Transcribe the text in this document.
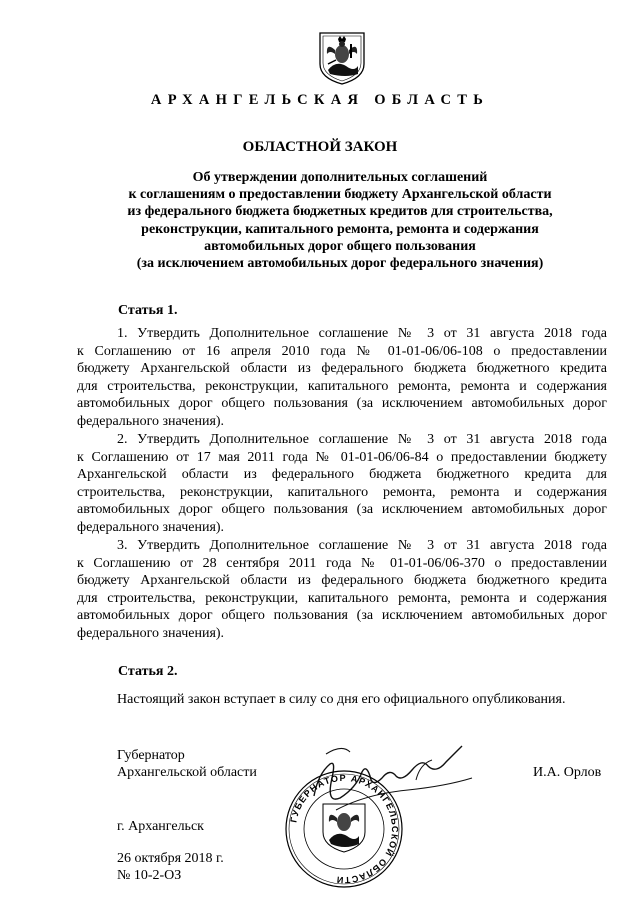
АРХАНГЕЛЬСКАЯ ОБЛАСТЬ
ОБЛАСТНОЙ ЗАКОН
Об утверждении дополнительных соглашений
к соглашениям о предоставлении бюджету Архангельской области
из федерального бюджета бюджетных кредитов для строительства,
реконструкции, капитального ремонта, ремонта и содержания
автомобильных дорог общего пользования
(за исключением автомобильных дорог федерального значения)
Статья 1.
1. Утвердить Дополнительное соглашение № 3 от 31 августа 2018 года
к Соглашению от 16 апреля 2010 года № 01-01-06/06-108 о предоставлении
бюджету Архангельской области из федерального бюджета бюджетного кредита
для строительства, реконструкции, капитального ремонта, ремонта и содержания
автомобильных дорог общего пользования (за исключением автомобильных дорог
федерального значения).
2. Утвердить Дополнительное соглашение № 3 от 31 августа 2018 года
к Соглашению от 17 мая 2011 года № 01-01-06/06-84 о предоставлении бюджету
Архангельской области из федерального бюджета бюджетного кредита для
строительства, реконструкции, капитального ремонта, ремонта и содержания
автомобильных дорог общего пользования (за исключением автомобильных дорог
федерального значения).
3. Утвердить Дополнительное соглашение № 3 от 31 августа 2018 года
к Соглашению от 28 сентября 2011 года № 01-01-06/06-370 о предоставлении
бюджету Архангельской области из федерального бюджета бюджетного кредита
для строительства, реконструкции, капитального ремонта, ремонта и содержания
автомобильных дорог общего пользования (за исключением автомобильных дорог
федерального значения).
Статья 2.
Настоящий закон вступает в силу со дня его официального опубликования.
Губернатор
Архангельской области	И.А. Орлов
ГУБЕРНАТОР АРХАНГЕЛЬСКОЙ ОБЛАСТИ
г. Архангельск
26 октября 2018 г.
№ 10-2-ОЗ
